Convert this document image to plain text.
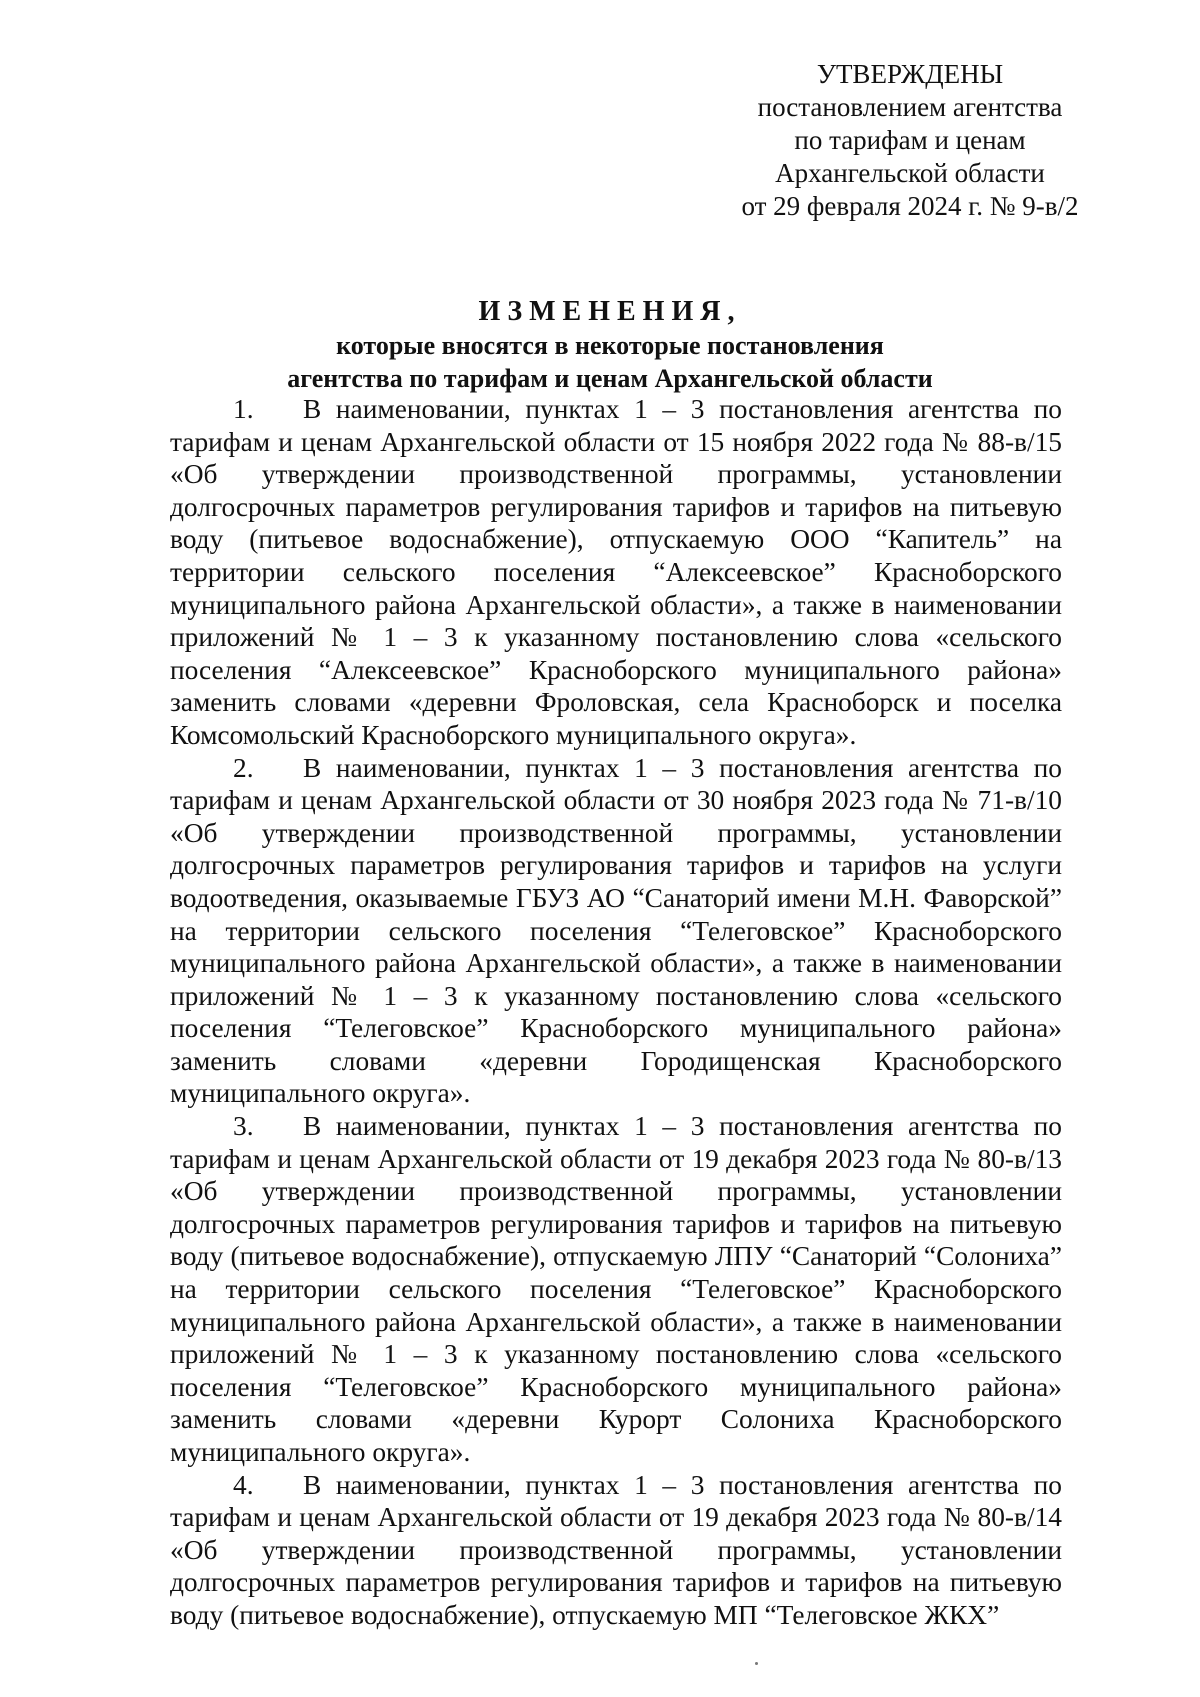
УТВЕРЖДЕНЫ
постановлением агентства
по тарифам и ценам
Архангельской области
от 29 февраля 2024 г. № 9-в/2
ИЗМЕНЕНИЯ,
которые вносятся в некоторые постановления
агентства по тарифам и ценам Архангельской области

1. В наименовании, пунктах 1 – 3 постановления агентства по тарифам и ценам Архангельской области от 15 ноября 2022 года № 88-в/15 «Об утверждении производственной программы, установлении долгосрочных параметров регулирования тарифов и тарифов на питьевую воду (питьевое водоснабжение), отпускаемую ООО “Капитель” на территории сельского поселения “Алексеевское” Красноборского муниципального района Архангельской области», а также в наименовании приложений № 1 – 3 к указанному постановлению слова «сельского поселения “Алексеевское” Красноборского муниципального района» заменить словами «деревни Фроловская, села Красноборск и поселка Комсомольский Красноборского муниципального округа».

2. В наименовании, пунктах 1 – 3 постановления агентства по тарифам и ценам Архангельской области от 30 ноября 2023 года № 71-в/10 «Об утверждении производственной программы, установлении долгосрочных параметров регулирования тарифов и тарифов на услуги водоотведения, оказываемые ГБУЗ АО “Санаторий имени М.Н. Фаворской” на территории сельского поселения “Телеговское” Красноборского муниципального района Архангельской области», а также в наименовании приложений № 1 – 3 к указанному постановлению слова «сельского поселения “Телеговское” Красноборского муниципального района» заменить словами «деревни Городищенская Красноборского муниципального округа».

3. В наименовании, пунктах 1 – 3 постановления агентства по тарифам и ценам Архангельской области от 19 декабря 2023 года № 80-в/13 «Об утверждении производственной программы, установлении долгосрочных параметров регулирования тарифов и тарифов на питьевую воду (питьевое водоснабжение), отпускаемую ЛПУ “Санаторий “Солониха” на территории сельского поселения “Телеговское” Красноборского муниципального района Архангельской области», а также в наименовании приложений № 1 – 3 к указанному постановлению слова «сельского поселения “Телеговское” Красноборского муниципального района» заменить словами «деревни Курорт Солониха Красноборского муниципального округа».

4. В наименовании, пунктах 1 – 3 постановления агентства по тарифам и ценам Архангельской области от 19 декабря 2023 года № 80-в/14 «Об утверждении производственной программы, установлении долгосрочных параметров регулирования тарифов и тарифов на питьевую воду (питьевое водоснабжение), отпускаемую МП “Телеговское ЖКХ”
